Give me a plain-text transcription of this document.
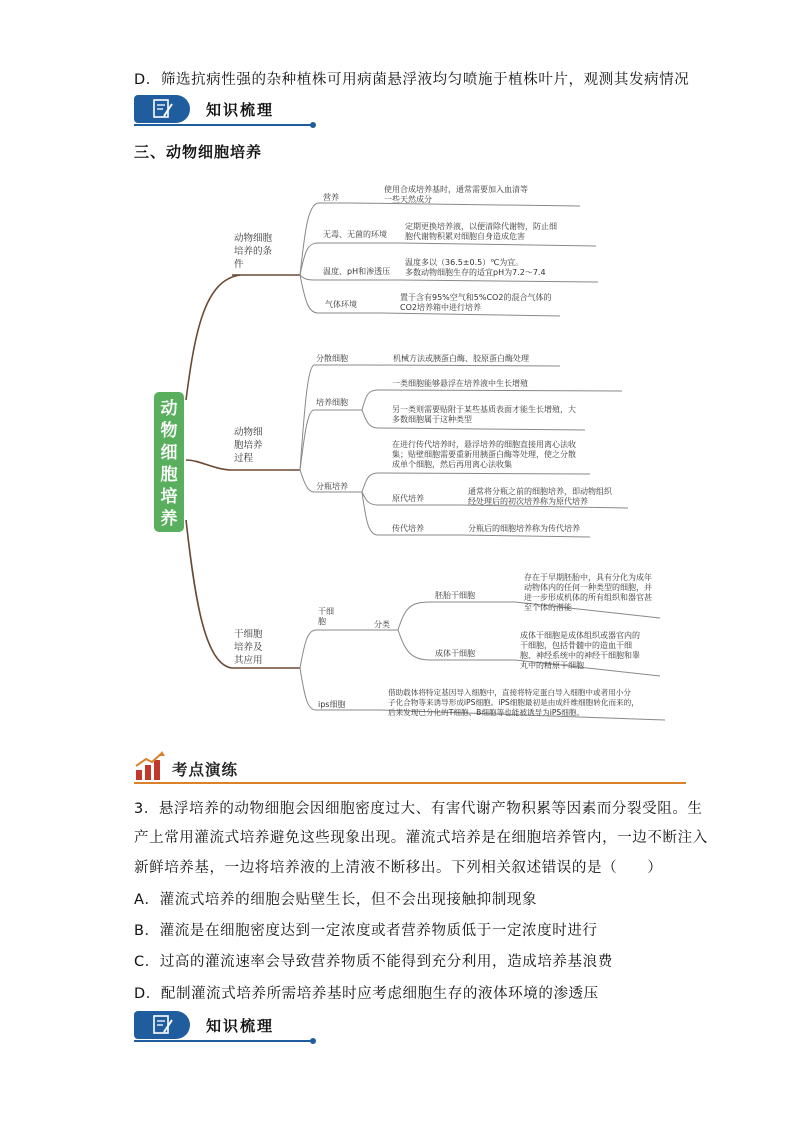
D．筛选抗病性强的杂种植株可用病菌悬浮液均匀喷施于植株叶片，观测其发病情况
知识梳理
三、动物细胞培养
动物细胞培养
动物细胞
培养的条
件
动物细
胞培养
过程
干细胞
培养及
其应用
营养
使用合成培养基时，通常需要加入血清等
一些天然成分
无毒、无菌的环境
定期更换培养液，以便清除代谢物，防止细
胞代谢物积累对细胞自身造成危害
温度、pH和渗透压
温度多以（36.5±0.5）℃为宜。
多数动物细胞生存的适宜pH为7.2～7.4
气体环境
置于含有95%空气和5%CO2的混合气体的
CO2培养箱中进行培养
分散细胞	机械方法或胰蛋白酶、胶原蛋白酶处理
培养细胞
一类细胞能够悬浮在培养液中生长增殖
另一类则需要贴附于某些基质表面才能生长增殖，大
多数细胞属于这种类型
分瓶培养
在进行传代培养时，悬浮培养的细胞直接用离心法收
集；贴壁细胞需要重新用胰蛋白酶等处理，使之分散
成单个细胞，然后再用离心法收集
原代培养
通常将分瓶之前的细胞培养，即动物组织
经处理后的初次培养称为原代培养
传代培养	分瓶后的细胞培养称为传代培养
干细
胞	分类
胚胎干细胞
存在于早期胚胎中，具有分化为成年
动物体内的任何一种类型的细胞，并
进一步形成机体的所有组织和器官甚
至个体的潜能
成体干细胞
成体干细胞是成体组织或器官内的
干细胞，包括骨髓中的造血干细
胞、神经系统中的神经干细胞和睾
丸中的精原干细胞
ips细胞
借助载体将特定基因导入细胞中，直接将特定蛋白导入细胞中或者用小分
子化合物等来诱导形成iPS细胞。iPS细胞最初是由成纤维细胞转化而来的，
后来发现已分化的T细胞、B细胞等也能被诱导为iPS细胞。
考点演练
3．悬浮培养的动物细胞会因细胞密度过大、有害代谢产物积累等因素而分裂受阻。生
产上常用灌流式培养避免这些现象出现。灌流式培养是在细胞培养管内，一边不断注入
新鲜培养基，一边将培养液的上清液不断移出。下列相关叙述错误的是（　　）
A．灌流式培养的细胞会贴壁生长，但不会出现接触抑制现象
B．灌流是在细胞密度达到一定浓度或者营养物质低于一定浓度时进行
C．过高的灌流速率会导致营养物质不能得到充分利用，造成培养基浪费
D．配制灌流式培养所需培养基时应考虑细胞生存的液体环境的渗透压
知识梳理
